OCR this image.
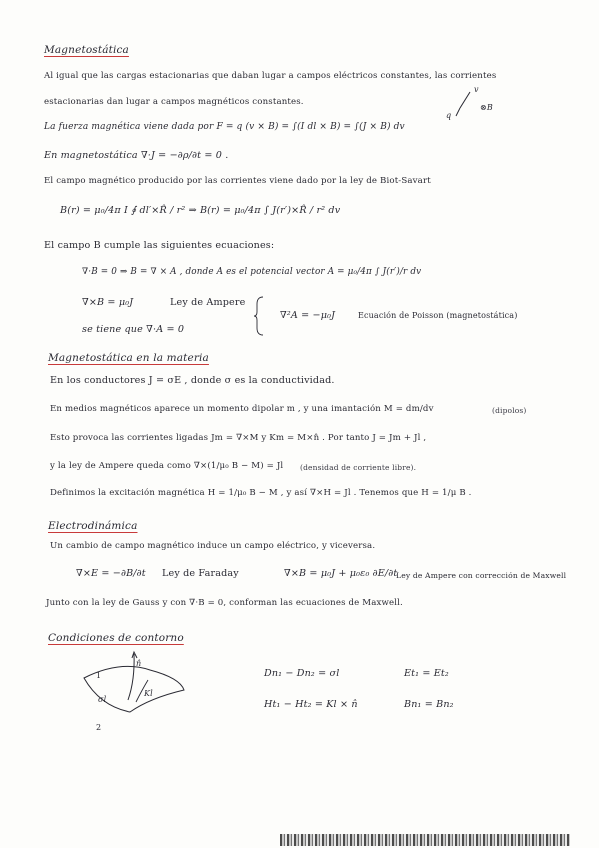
Magnetostática
Al igual que las cargas estacionarias que daban lugar a campos eléctricos constantes, las corrientes
estacionarias dan lugar a campos magnéticos constantes.
v
q
⊗B
La fuerza magnética viene dada por F = q (v × B) = ∫(I dl × B) = ∫(J × B) dv
En magnetostática ∇·J = −∂ρ/∂t = 0 .
El campo magnético producido por las corrientes viene dado por la ley de Biot-Savart
B(r) = μ₀/4π I ∮ dl′×R̂ / r² ⇒ B(r) = μ₀/4π ∫ J(r′)×R̂ / r² dv
El campo B cumple las siguientes ecuaciones:
∇·B = 0 ⇒ B = ∇ × A , donde A es el potencial vector A = μ₀/4π ∫ J(r′)/r dv
∇×B = μ₀J	Ley de Ampere
se tiene que ∇·A = 0
∇²A = −μ₀J	Ecuación de Poisson (magnetostática)
Magnetostática en la materia
En los conductores J = σE , donde σ es la conductividad.
En medios magnéticos aparece un momento dipolar m , y una imantación M = dm/dv	(dipolos)
Esto provoca las corrientes ligadas Jm = ∇×M y Km = M×n̂ . Por tanto J = Jm + Jl ,
y la ley de Ampere queda como ∇×(1/μ₀ B − M) = Jl (densidad de corriente libre).
Definimos la excitación magnética H = 1/μ₀ B − M , y así ∇×H = Jl . Tenemos que H = 1/μ B .
Electrodinámica
Un cambio de campo magnético induce un campo eléctrico, y viceversa.
∇×E = −∂B/∂t Ley de Faraday	∇×B = μ₀J + μ₀ε₀ ∂E/∂t
Ley de Ampere con corrección de Maxwell
Junto con la ley de Gauss y con ∇·B = 0, conforman las ecuaciones de Maxwell.
Condiciones de contorno
1
2
n̂
σl
Kl
Dn₁ − Dn₂ = σl	Et₁ = Et₂
Ht₁ − Ht₂ = Kl × n̂	Bn₁ = Bn₂
